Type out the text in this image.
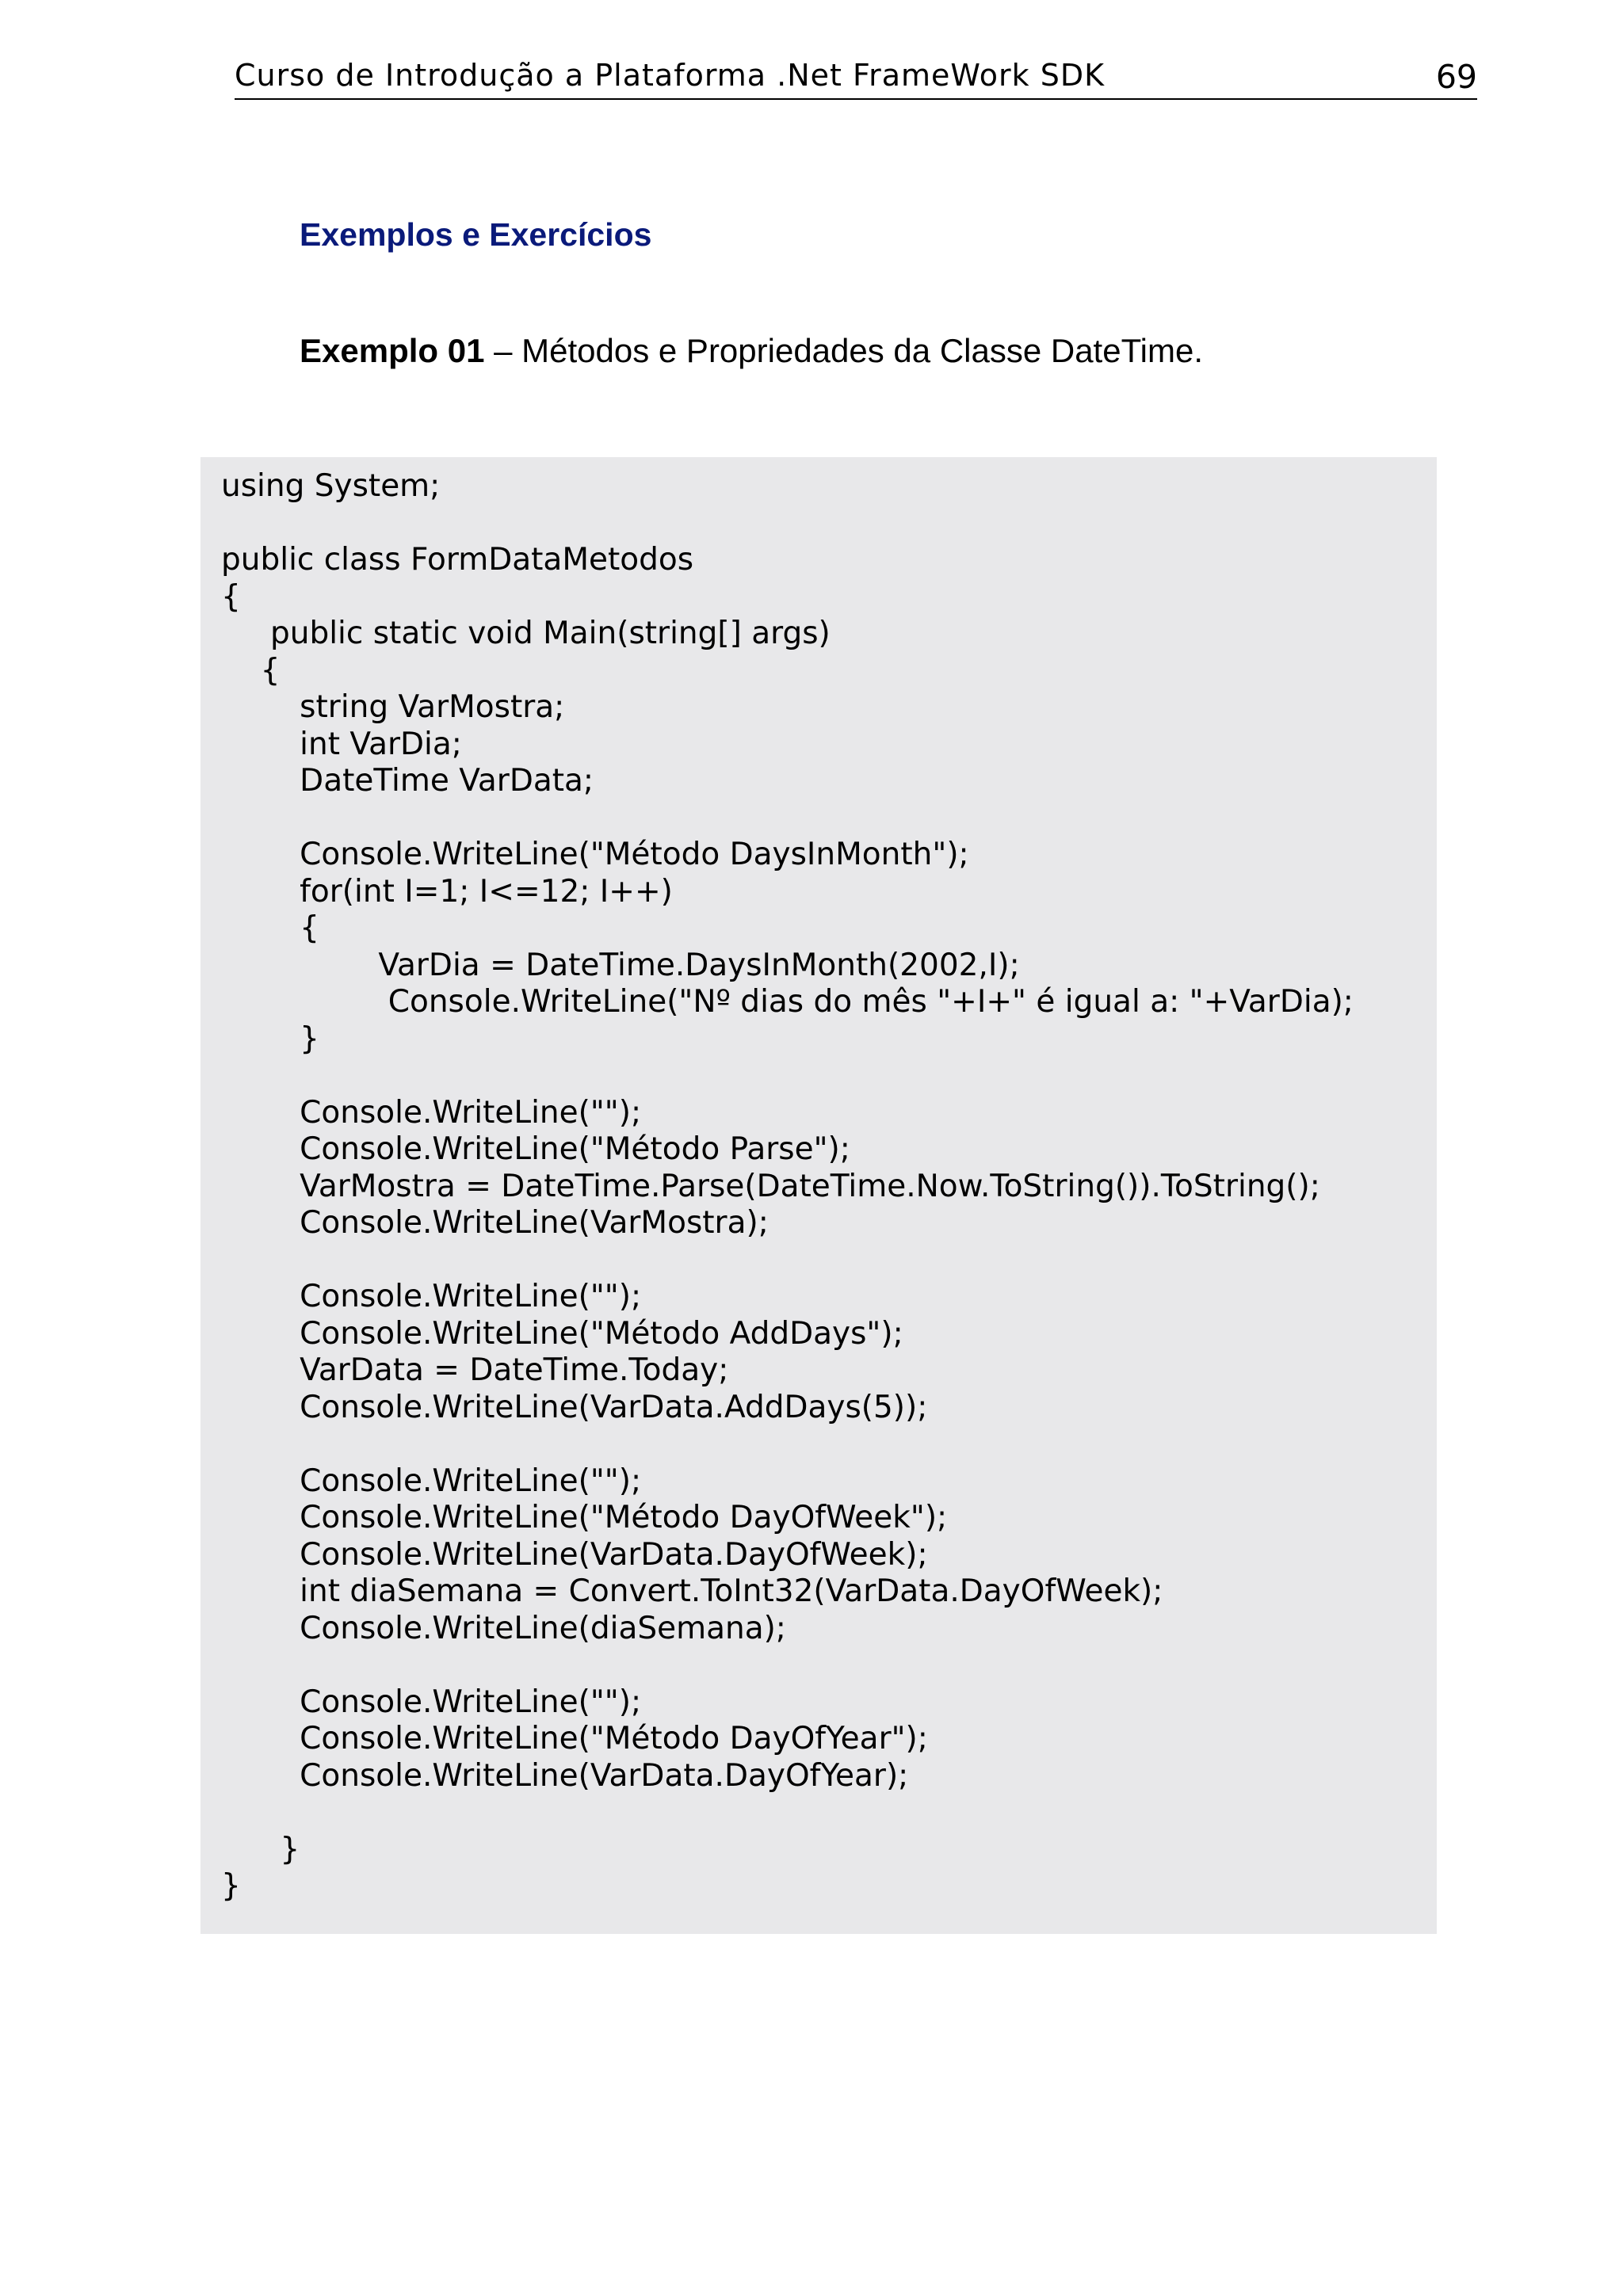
Curso de Introdução a Plataforma .Net FrameWork SDK	69
Exemplos e Exercícios
Exemplo 01 – Métodos e Propriedades da Classe DateTime.
using System;
public class FormDataMetodos
{
public static void Main(string[] args)
{
string VarMostra;
int VarDia;
DateTime VarData;
Console.WriteLine("Método DaysInMonth");
for(int I=1; I<=12; I++)
{
VarDia = DateTime.DaysInMonth(2002,I);
Console.WriteLine("Nº dias do mês "+I+" é igual a: "+VarDia);
}
Console.WriteLine("");
Console.WriteLine("Método Parse");
VarMostra = DateTime.Parse(DateTime.Now.ToString()).ToString();
Console.WriteLine(VarMostra);
Console.WriteLine("");
Console.WriteLine("Método AddDays");
VarData = DateTime.Today;
Console.WriteLine(VarData.AddDays(5));
Console.WriteLine("");
Console.WriteLine("Método DayOfWeek");
Console.WriteLine(VarData.DayOfWeek);
int diaSemana = Convert.ToInt32(VarData.DayOfWeek);
Console.WriteLine(diaSemana);
Console.WriteLine("");
Console.WriteLine("Método DayOfYear");
Console.WriteLine(VarData.DayOfYear);
}
}
